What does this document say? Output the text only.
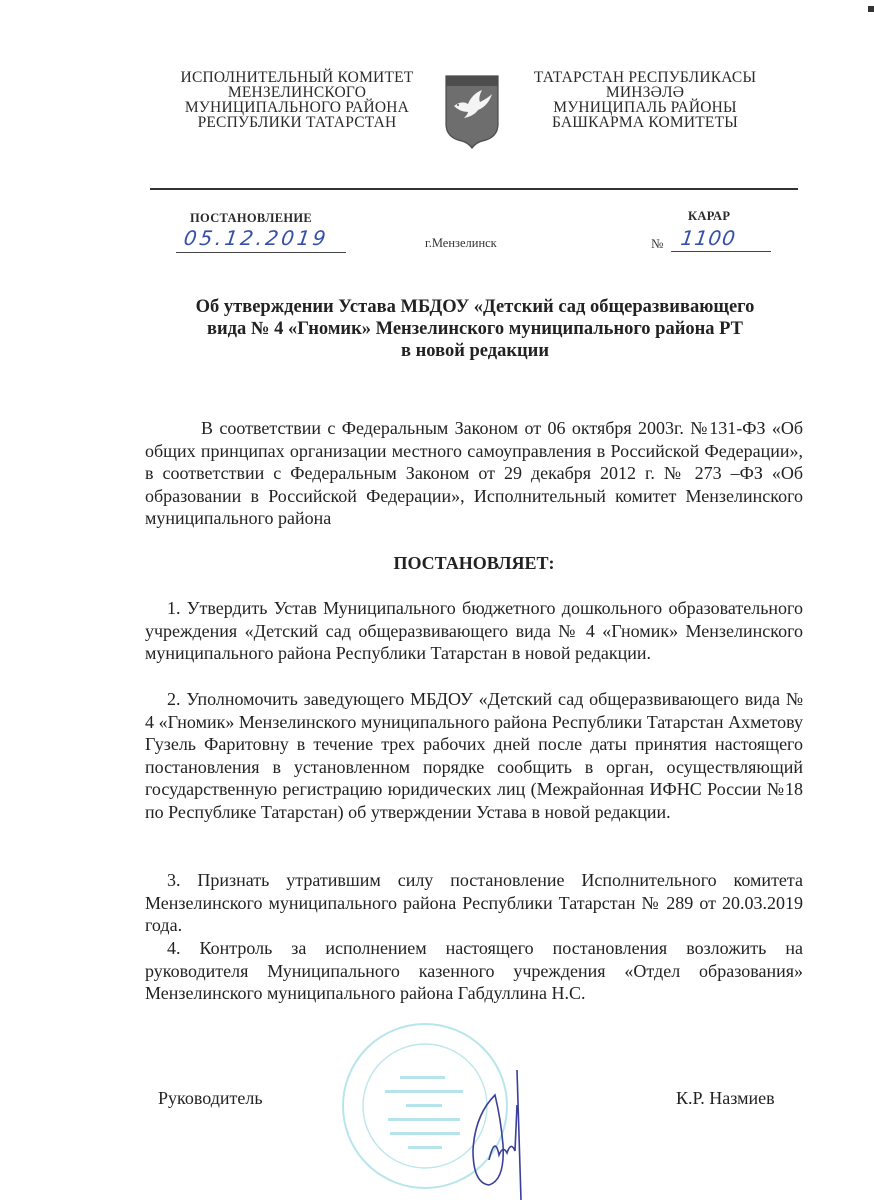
ИСПОЛНИТЕЛЬНЫЙ КОМИТЕТ
МЕНЗЕЛИНСКОГО
МУНИЦИПАЛЬНОГО РАЙОНА
РЕСПУБЛИКИ ТАТАРСТАН
ТАТАРСТАН РЕСПУБЛИКАСЫ
МИНЗӘЛӘ
МУНИЦИПАЛЬ РАЙОНЫ
БАШКАРМА КОМИТЕТЫ
ПОСТАНОВЛЕНИЕ	КАРАР
05.12.2019	г.Мензелинск	№ 1100
Об утверждении Устава МБДОУ «Детский сад общеразвивающего
вида № 4 «Гномик» Мензелинского муниципального района РТ
в новой редакции
В соответствии с Федеральным Законом от 06 октября 2003г. №131-ФЗ «Об общих принципах организации местного самоуправления в Российской Федерации», в соответствии с Федеральным Законом от 29 декабря 2012 г. № 273 –ФЗ «Об образовании в Российской Федерации», Исполнительный комитет Мензелинского муниципального района
ПОСТАНОВЛЯЕТ:
1. Утвердить Устав Муниципального бюджетного дошкольного образовательного учреждения «Детский сад общеразвивающего вида № 4 «Гномик» Мензелинского муниципального района Республики Татарстан в новой редакции.
2. Уполномочить заведующего МБДОУ «Детский сад общеразвивающего вида № 4 «Гномик» Мензелинского муниципального района Республики Татарстан Ахметову Гузель Фаритовну в течение трех рабочих дней после даты принятия настоящего постановления в установленном порядке сообщить в орган, осуществляющий государственную регистрацию юридических лиц (Межрайонная ИФНС России №18 по Республике Татарстан) об утверждении Устава в новой редакции.
3. Признать утратившим силу постановление Исполнительного комитета Мензелинского муниципального района Республики Татарстан № 289 от 20.03.2019 года.
4. Контроль за исполнением настоящего постановления возложить на руководителя Муниципального казенного учреждения «Отдел образования» Мензелинского муниципального района Габдуллина Н.С.
Руководитель	К.Р. Назмиев
